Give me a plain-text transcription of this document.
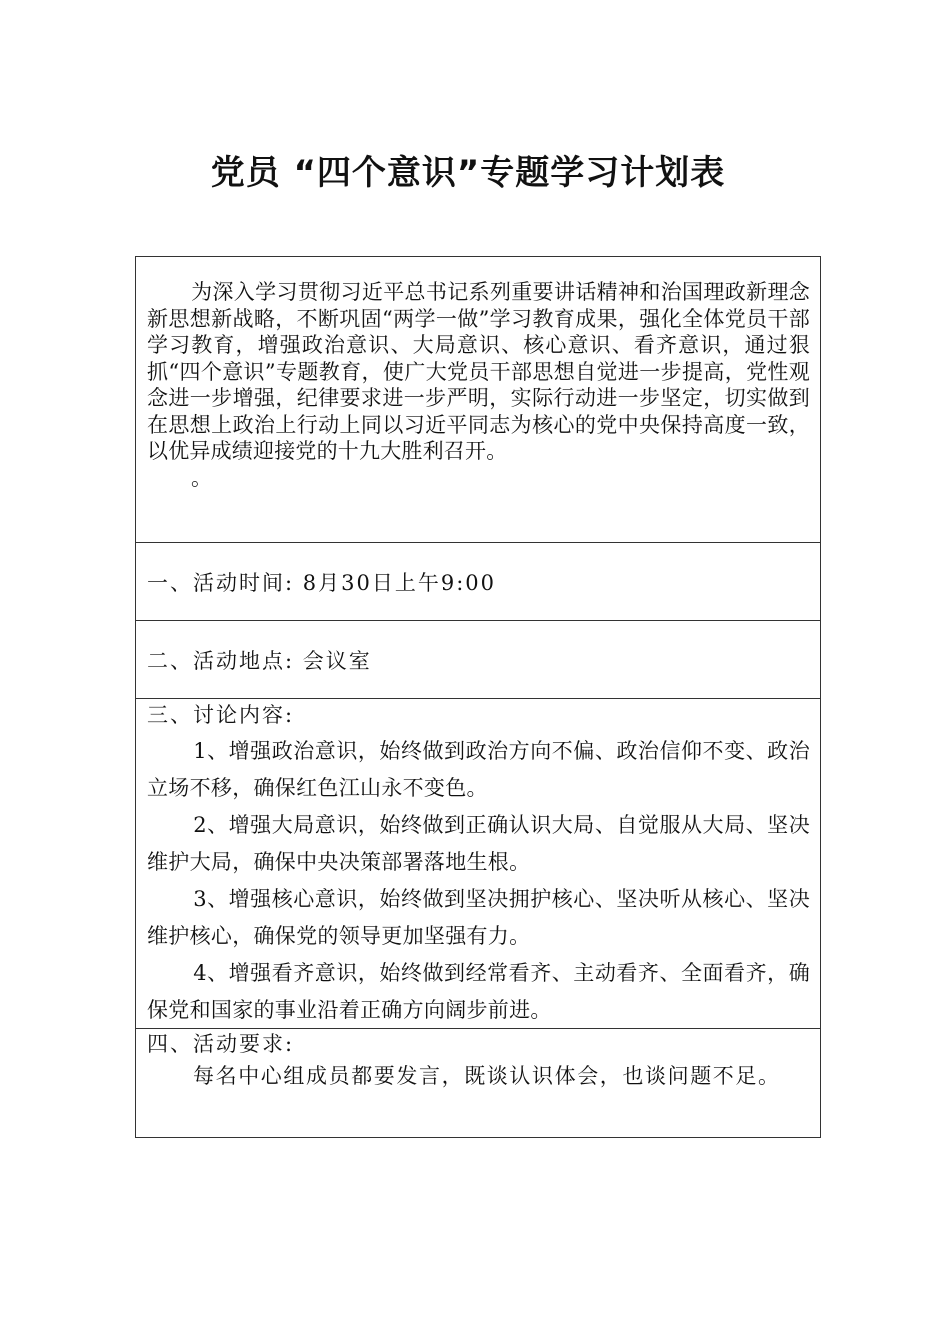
党员 “四个意识”专题学习计划表

为深入学习贯彻习近平总书记系列重要讲话精神和治国理政新理念新思想新战略，不断巩固“两学一做”学习教育成果，强化全体党员干部学习教育，增强政治意识、大局意识、核心意识、看齐意识，通过狠抓“四个意识”专题教育，使广大党员干部思想自觉进一步提高，党性观念进一步增强，纪律要求进一步严明，实际行动进一步坚定，切实做到在思想上政治上行动上同以习近平同志为核心的党中央保持高度一致，以优异成绩迎接党的十九大胜利召开。

。

一、活动时间: 8月30日上午9:00
二、活动地点: 会议室

三、讨论内容:

1、增强政治意识，始终做到政治方向不偏、政治信仰不变、政治立场不移，确保红色江山永不变色。

2、增强大局意识，始终做到正确认识大局、自觉服从大局、坚决维护大局，确保中央决策部署落地生根。

3、增强核心意识，始终做到坚决拥护核心、坚决听从核心、坚决维护核心，确保党的领导更加坚强有力。

4、增强看齐意识，始终做到经常看齐、主动看齐、全面看齐，确保党和国家的事业沿着正确方向阔步前进。

四、活动要求:

每名中心组成员都要发言，既谈认识体会，也谈问题不足。
